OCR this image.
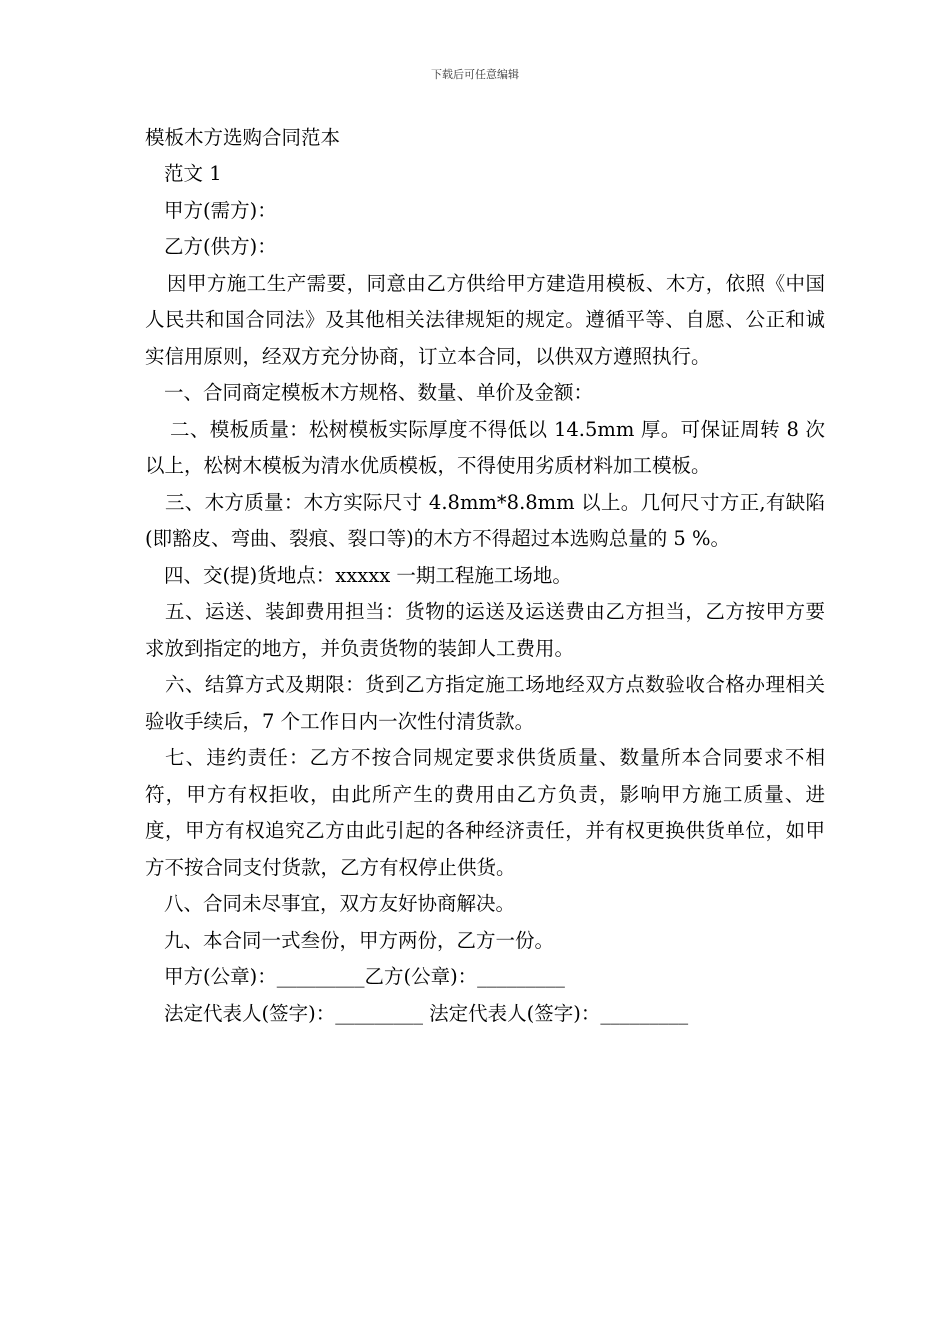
下载后可任意编辑

模板木方选购合同范本

范文 1

甲方(需方)：

乙方(供方)：

因甲方施工生产需要，同意由乙方供给甲方建造用模板、木方，依照《中国人民共和国合同法》及其他相关法律规矩的规定。遵循平等、自愿、公正和诚实信用原则，经双方充分协商，订立本合同，以供双方遵照执行。

一、合同商定模板木方规格、数量、单价及金额：

二、模板质量：松树模板实际厚度不得低以 14.5mm 厚。可保证周转 8 次以上，松树木模板为清水优质模板，不得使用劣质材料加工模板。

三、木方质量：木方实际尺寸 4.8mm*8.8mm 以上。几何尺寸方正,有缺陷(即豁皮、弯曲、裂痕、裂口等)的木方不得超过本选购总量的 5 %。

四、交(提)货地点：xxxxx 一期工程施工场地。

五、运送、装卸费用担当：货物的运送及运送费由乙方担当，乙方按甲方要求放到指定的地方，并负责货物的装卸人工费用。

六、结算方式及期限：货到乙方指定施工场地经双方点数验收合格办理相关验收手续后，7 个工作日内一次性付清货款。

七、违约责任：乙方不按合同规定要求供货质量、数量所本合同要求不相符，甲方有权拒收，由此所产生的费用由乙方负责，影响甲方施工质量、进度，甲方有权追究乙方由此引起的各种经济责任，并有权更换供货单位，如甲方不按合同支付货款，乙方有权停止供货。

八、合同未尽事宜，双方友好协商解决。

九、本合同一式叁份，甲方两份，乙方一份。

甲方(公章)：_________乙方(公章)：_________

法定代表人(签字)：_________ 法定代表人(签字)：_________
